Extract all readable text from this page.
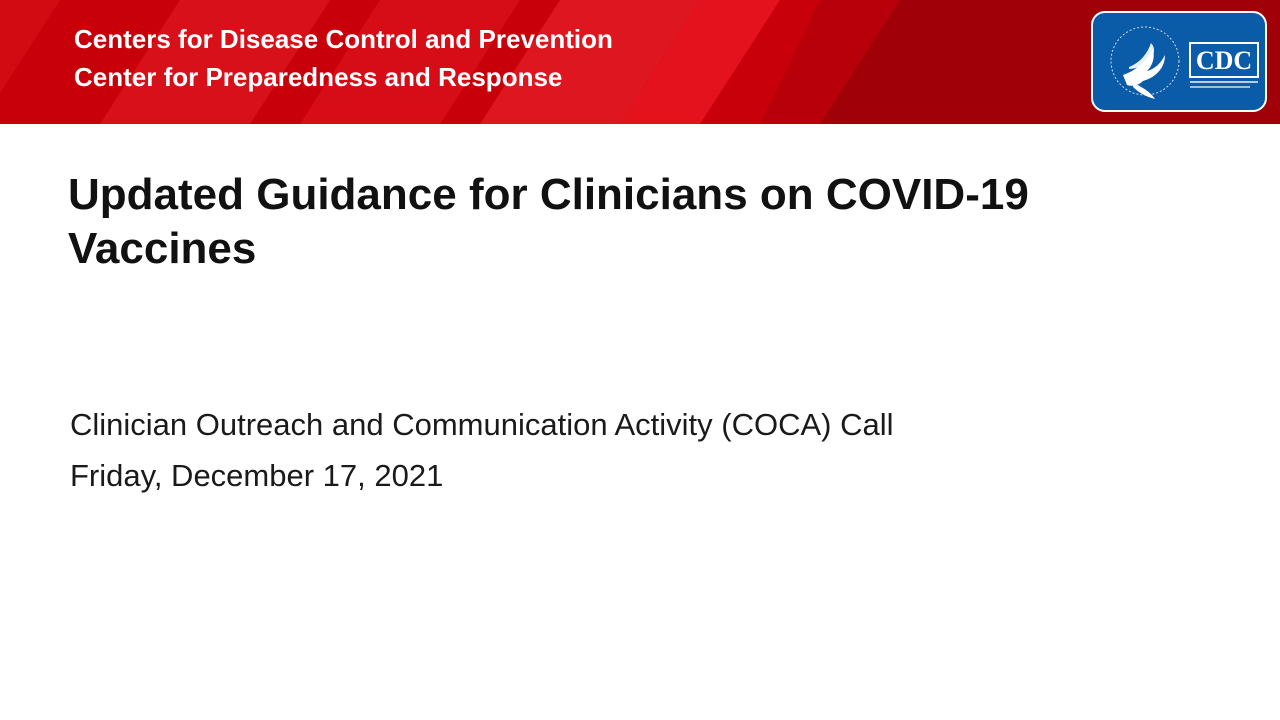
Centers for Disease Control and Prevention
Center for Preparedness and Response
CDC
Updated Guidance for Clinicians on COVID-19 Vaccines
Clinician Outreach and Communication Activity (COCA) Call
Friday, December 17, 2021
